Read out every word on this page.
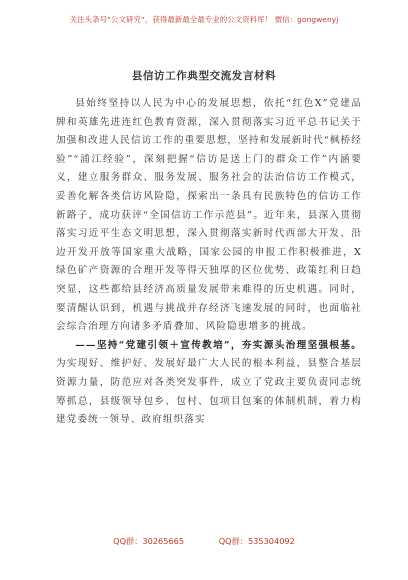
关注头条号“公文研究”，获得最新最全最专业的公文资料库！ 微信：gongwenyj
县信访工作典型交流发言材料

县始终坚持以人民为中心的发展思想，依托“红色X”党建品牌和英雄先进连红色教育资源，深入贯彻落实习近平总书记关于加强和改进人民信访工作的重要思想，坚持和发展新时代“枫桥经验”“浦江经验”，深刻把握“信访是送上门的群众工作”内涵要义，建立服务群众、服务发展、服务社会的法治信访工作模式，妥善化解各类信访风险隐，探索出一条具有民族特色的信访工作新路子，成功获评“全国信访工作示范县”。近年来，县深入贯彻落实习近平生态文明思想，深入贯彻落实新时代西部大开发、沿边开发开放等国家重大战略，国家公园的申报工作积极推进，X绿色矿产资源的合理开发等得天独厚的区位优势、政策红利日趋突显，这些都给县经济高质量发展带来难得的历史机遇。同时，要清醒认识到，机遇与挑战并存经济飞速发展的同时，也面临社会综合治理方向诸多矛盾叠加、风险隐患增多的挑战。

——坚持“党建引领＋宣传教培”，夯实源头治理坚强根基。为实现好、维护好、发展好最广大人民的根本利益，县整合基层资源力量，防范应对各类突发事件，成立了党政主要负责同志统筹抓总，县级领导包乡、包村、包项目包案的体制机制，着力构建党委统一领导、政府组织落实

QQ群：30265665	QQ群：535304092
